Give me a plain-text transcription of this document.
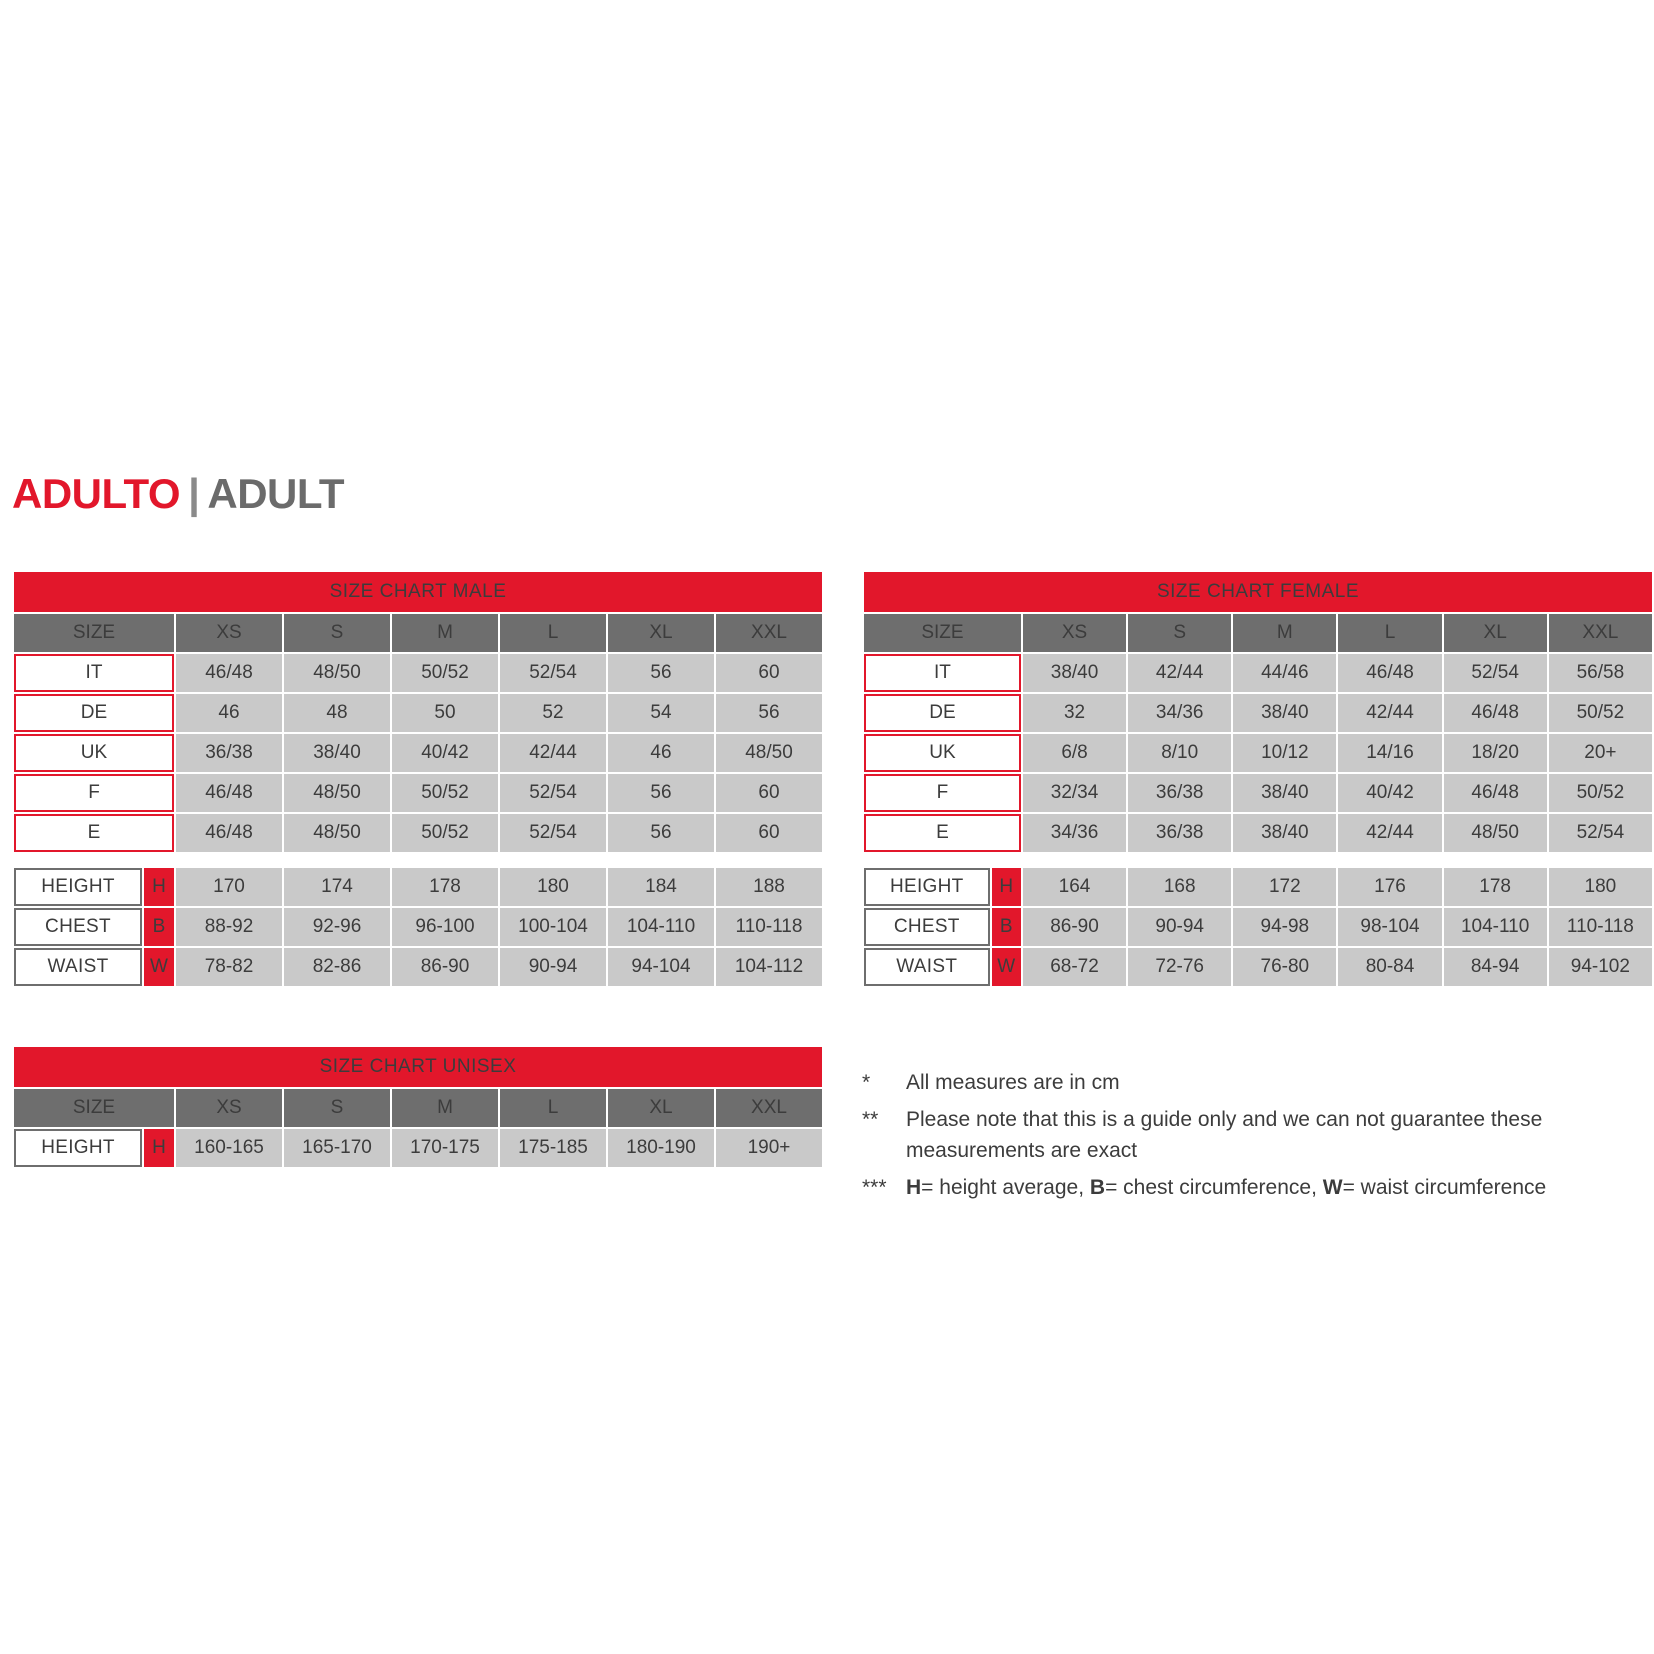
ADULTO | ADULT
SIZE CHART MALE							
SIZE		XS	S	M	L	XL	XXL
IT		46/48	48/50	50/52	52/54	56	60
DE		46	48	50	52	54	56
UK		36/38	38/40	40/42	42/44	46	48/50
F		46/48	48/50	50/52	52/54	56	60
E		46/48	48/50	50/52	52/54	56	60

HEIGHT	H	170	174	178	180	184	188
CHEST	B	88-92	92-96	96-100	100-104	104-110	110-118
WAIST	W	78-82	82-86	86-90	90-94	94-104	104-112
SIZE CHART FEMALE							
SIZE		XS	S	M	L	XL	XXL
IT		38/40	42/44	44/46	46/48	52/54	56/58
DE		32	34/36	38/40	42/44	46/48	50/52
UK		6/8	8/10	10/12	14/16	18/20	20+
F		32/34	36/38	38/40	40/42	46/48	50/52
E		34/36	36/38	38/40	42/44	48/50	52/54

HEIGHT	H	164	168	172	176	178	180
CHEST	B	86-90	90-94	94-98	98-104	104-110	110-118
WAIST	W	68-72	72-76	76-80	80-84	84-94	94-102
SIZE CHART UNISEX							
SIZE		XS	S	M	L	XL	XXL
HEIGHT	H	160-165	165-170	170-175	175-185	180-190	190+
*	All measures are in cm
**	Please note that this is a guide only and we can not guarantee these measurements are exact
*** H= height average, B= chest circumference, W= waist circumference
